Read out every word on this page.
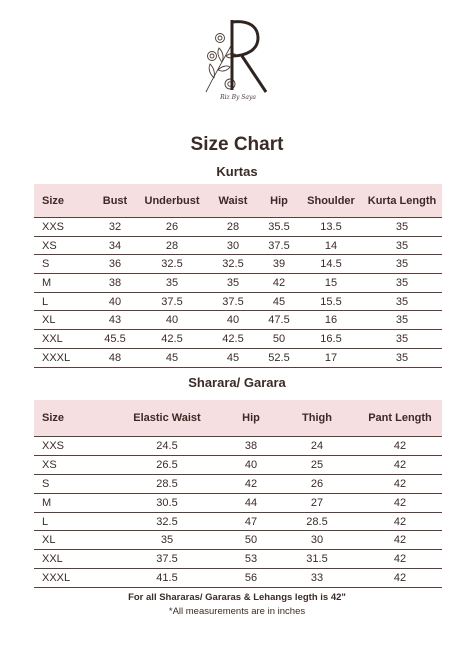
Riz By Saya
Size Chart
Kurtas
Size	Bust	Underbust	Waist	Hip	Shoulder	Kurta Length
XXS	32	26	28	35.5	13.5	35
XS	34	28	30	37.5	14	35
S	36	32.5	32.5	39	14.5	35
M	38	35	35	42	15	35
L	40	37.5	37.5	45	15.5	35
XL	43	40	40	47.5	16	35
XXL	45.5	42.5	42.5	50	16.5	35
XXXL	48	45	45	52.5	17	35
Sharara/ Garara
Size	Elastic Waist	Hip	Thigh	Pant Length
XXS	24.5	38	24	42
XS	26.5	40	25	42
S	28.5	42	26	42
M	30.5	44	27	42
L	32.5	47	28.5	42
XL	35	50	30	42
XXL	37.5	53	31.5	42
XXXL	41.5	56	33	42
For all Shararas/ Gararas & Lehangs legth is 42"
*All measurements are in inches
